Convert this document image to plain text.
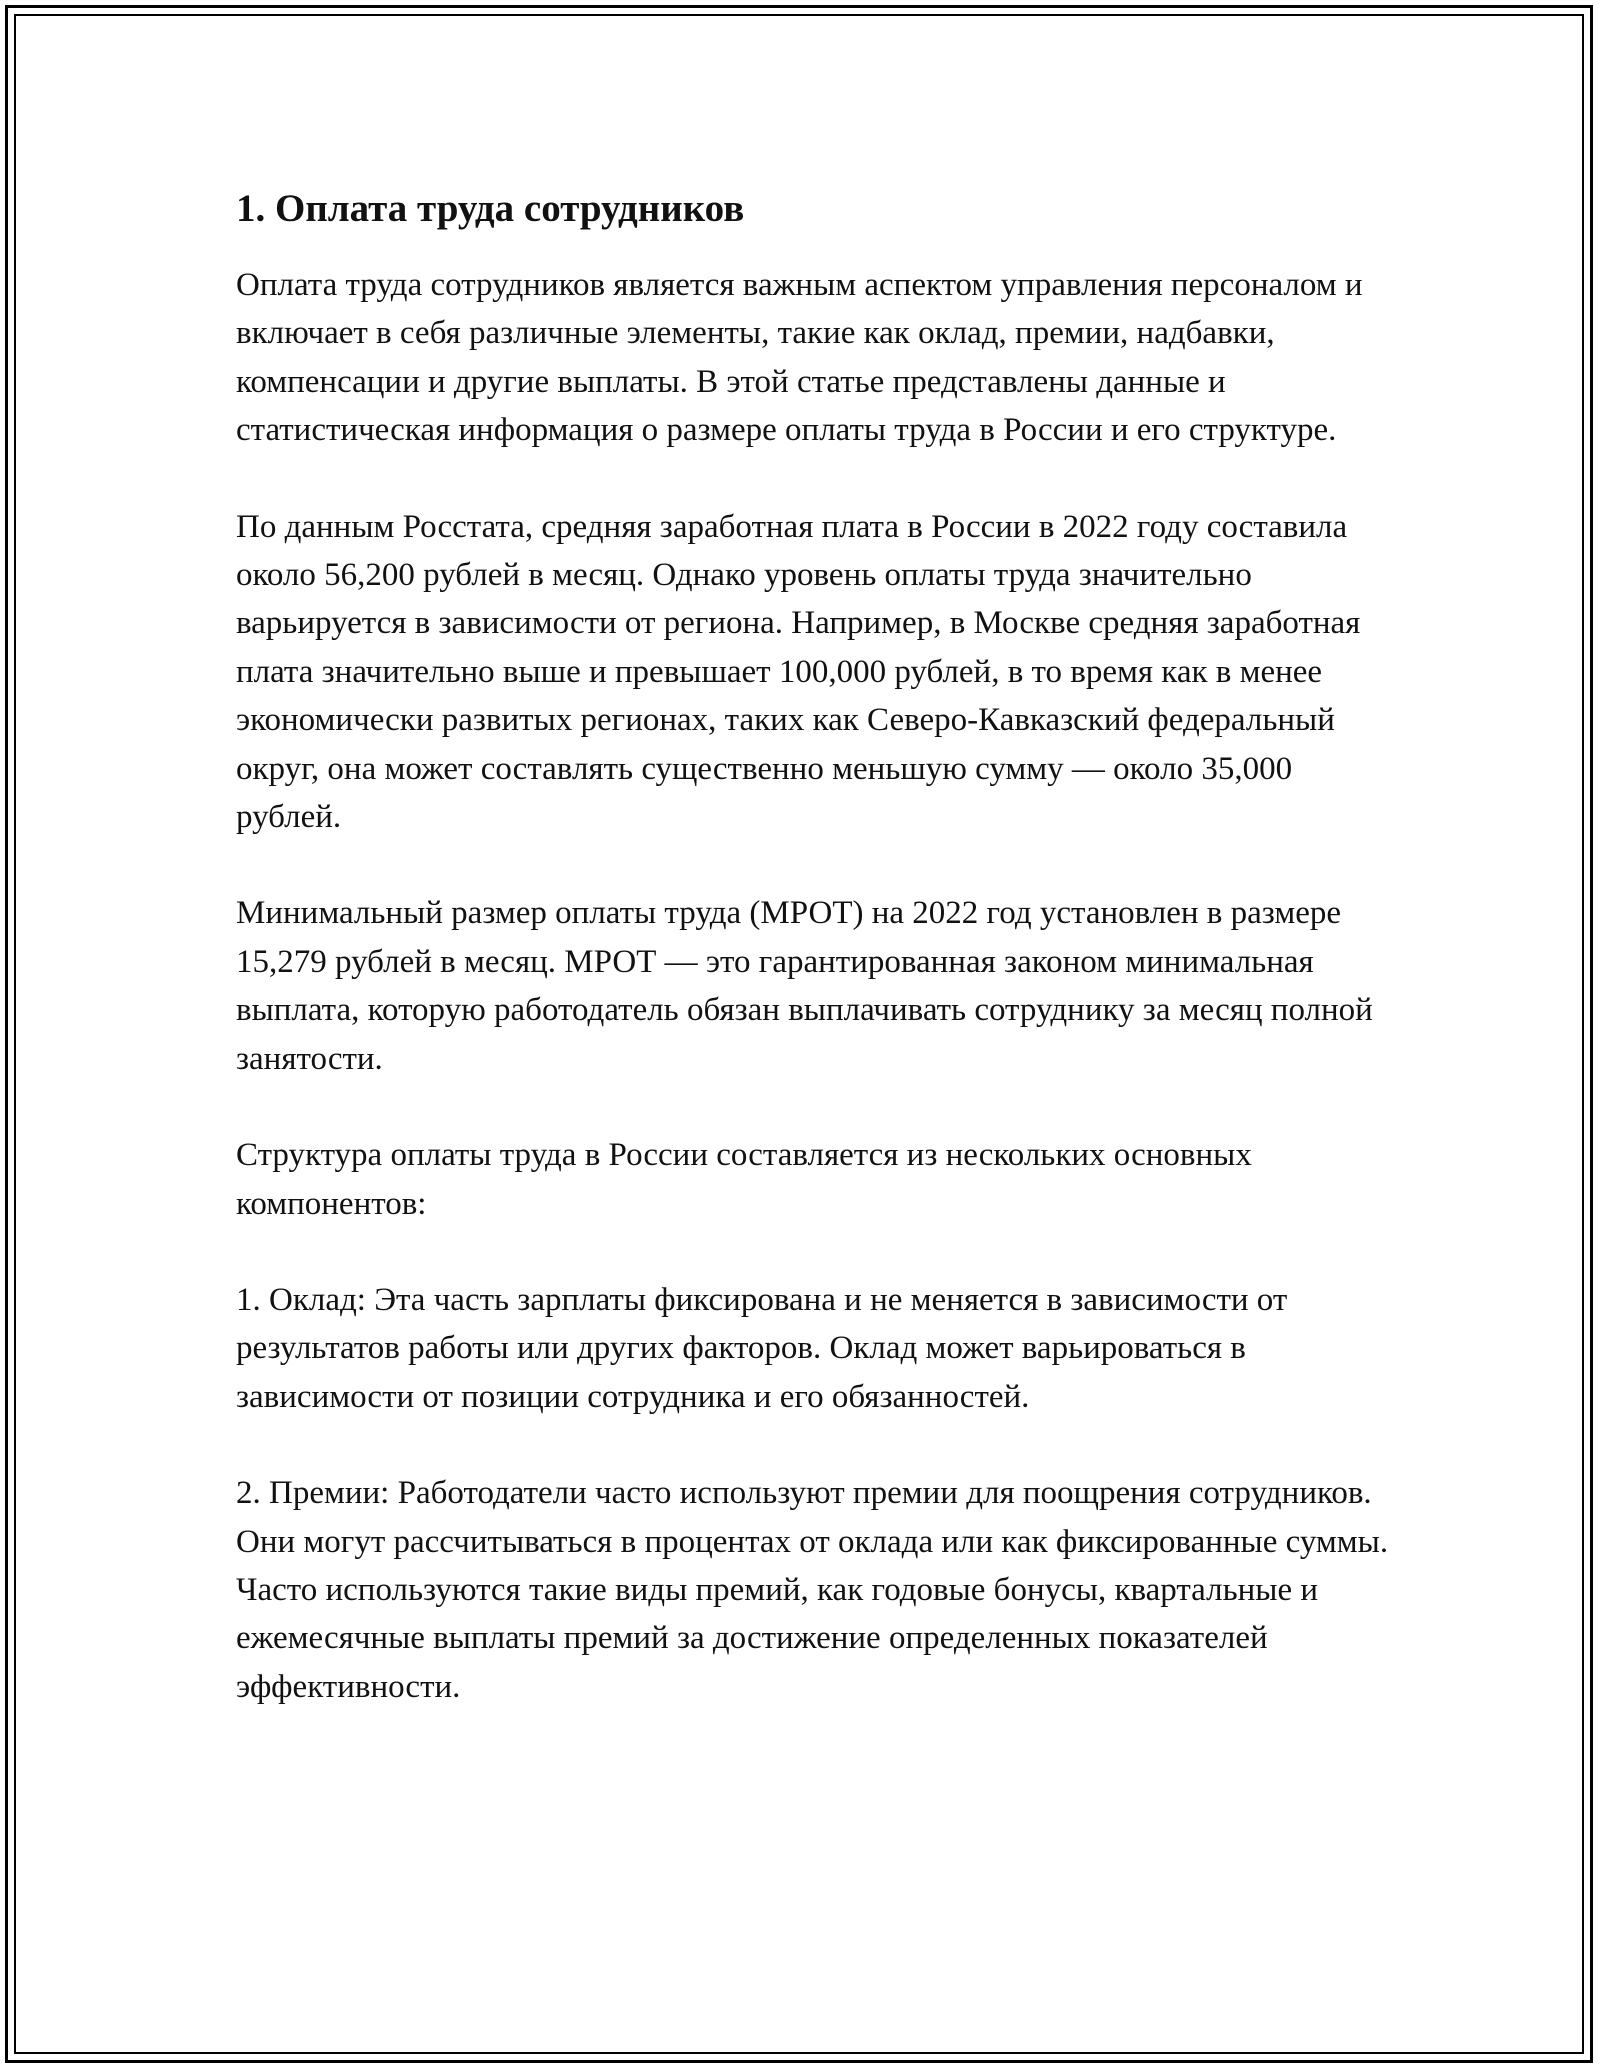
1. Оплата труда сотрудников

Оплата труда сотрудников является важным аспектом управления персоналом и включает в себя различные элементы, такие как оклад, премии, надбавки, компенсации и другие выплаты. В этой статье представлены данные и статистическая информация о размере оплаты труда в России и его структуре.

По данным Росстата, средняя заработная плата в России в 2022 году составила около 56,200 рублей в месяц. Однако уровень оплаты труда значительно варьируется в зависимости от региона. Например, в Москве средняя заработная плата значительно выше и превышает 100,000 рублей, в то время как в менее экономически развитых регионах, таких как Северо-Кавказский федеральный округ, она может составлять существенно меньшую сумму — около 35,000 рублей.

Минимальный размер оплаты труда (МРОТ) на 2022 год установлен в размере 15,279 рублей в месяц. МРОТ — это гарантированная законом минимальная выплата, которую работодатель обязан выплачивать сотруднику за месяц полной занятости.

Структура оплаты труда в России составляется из нескольких основных компонентов:

1. Оклад: Эта часть зарплаты фиксирована и не меняется в зависимости от результатов работы или других факторов. Оклад может варьироваться в зависимости от позиции сотрудника и его обязанностей.

2. Премии: Работодатели часто используют премии для поощрения сотрудников. Они могут рассчитываться в процентах от оклада или как фиксированные суммы. Часто используются такие виды премий, как годовые бонусы, квартальные и ежемесячные выплаты премий за достижение определенных показателей эффективности.
